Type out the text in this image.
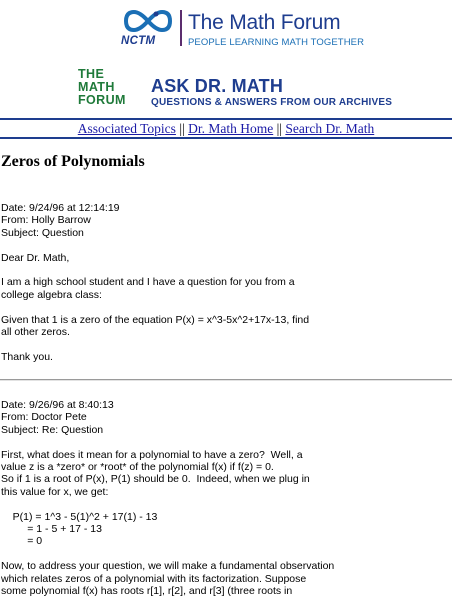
NCTM
The Math Forum
PEOPLE LEARNING MATH TOGETHER
THE
MATH
FORUM
ASK DR. MATH
QUESTIONS & ANSWERS FROM OUR ARCHIVES
Associated Topics || Dr. Math Home || Search Dr. Math
Zeros of Polynomials
Date: 9/24/96 at 12:14:19
From: Holly Barrow
Subject: Question

Dear Dr. Math,

I am a high school student and I have a question for you from a
college algebra class:

Given that 1 is a zero of the equation P(x) = x^3-5x^2+17x-13, find
all other zeros.

Thank you.
Date: 9/26/96 at 8:40:13
From: Doctor Pete
Subject: Re: Question

First, what does it mean for a polynomial to have a zero?  Well, a
value z is a *zero* or *root* of the polynomial f(x) if f(z) = 0.
So if 1 is a root of P(x), P(1) should be 0.  Indeed, when we plug in
this value for x, we get:

P(1) = 1^3 - 5(1)^2 + 17(1) - 13
= 1 - 5 + 17 - 13
= 0

Now, to address your question, we will make a fundamental observation
which relates zeros of a polynomial with its factorization. Suppose
some polynomial f(x) has roots r[1], r[2], and r[3] (three roots in
